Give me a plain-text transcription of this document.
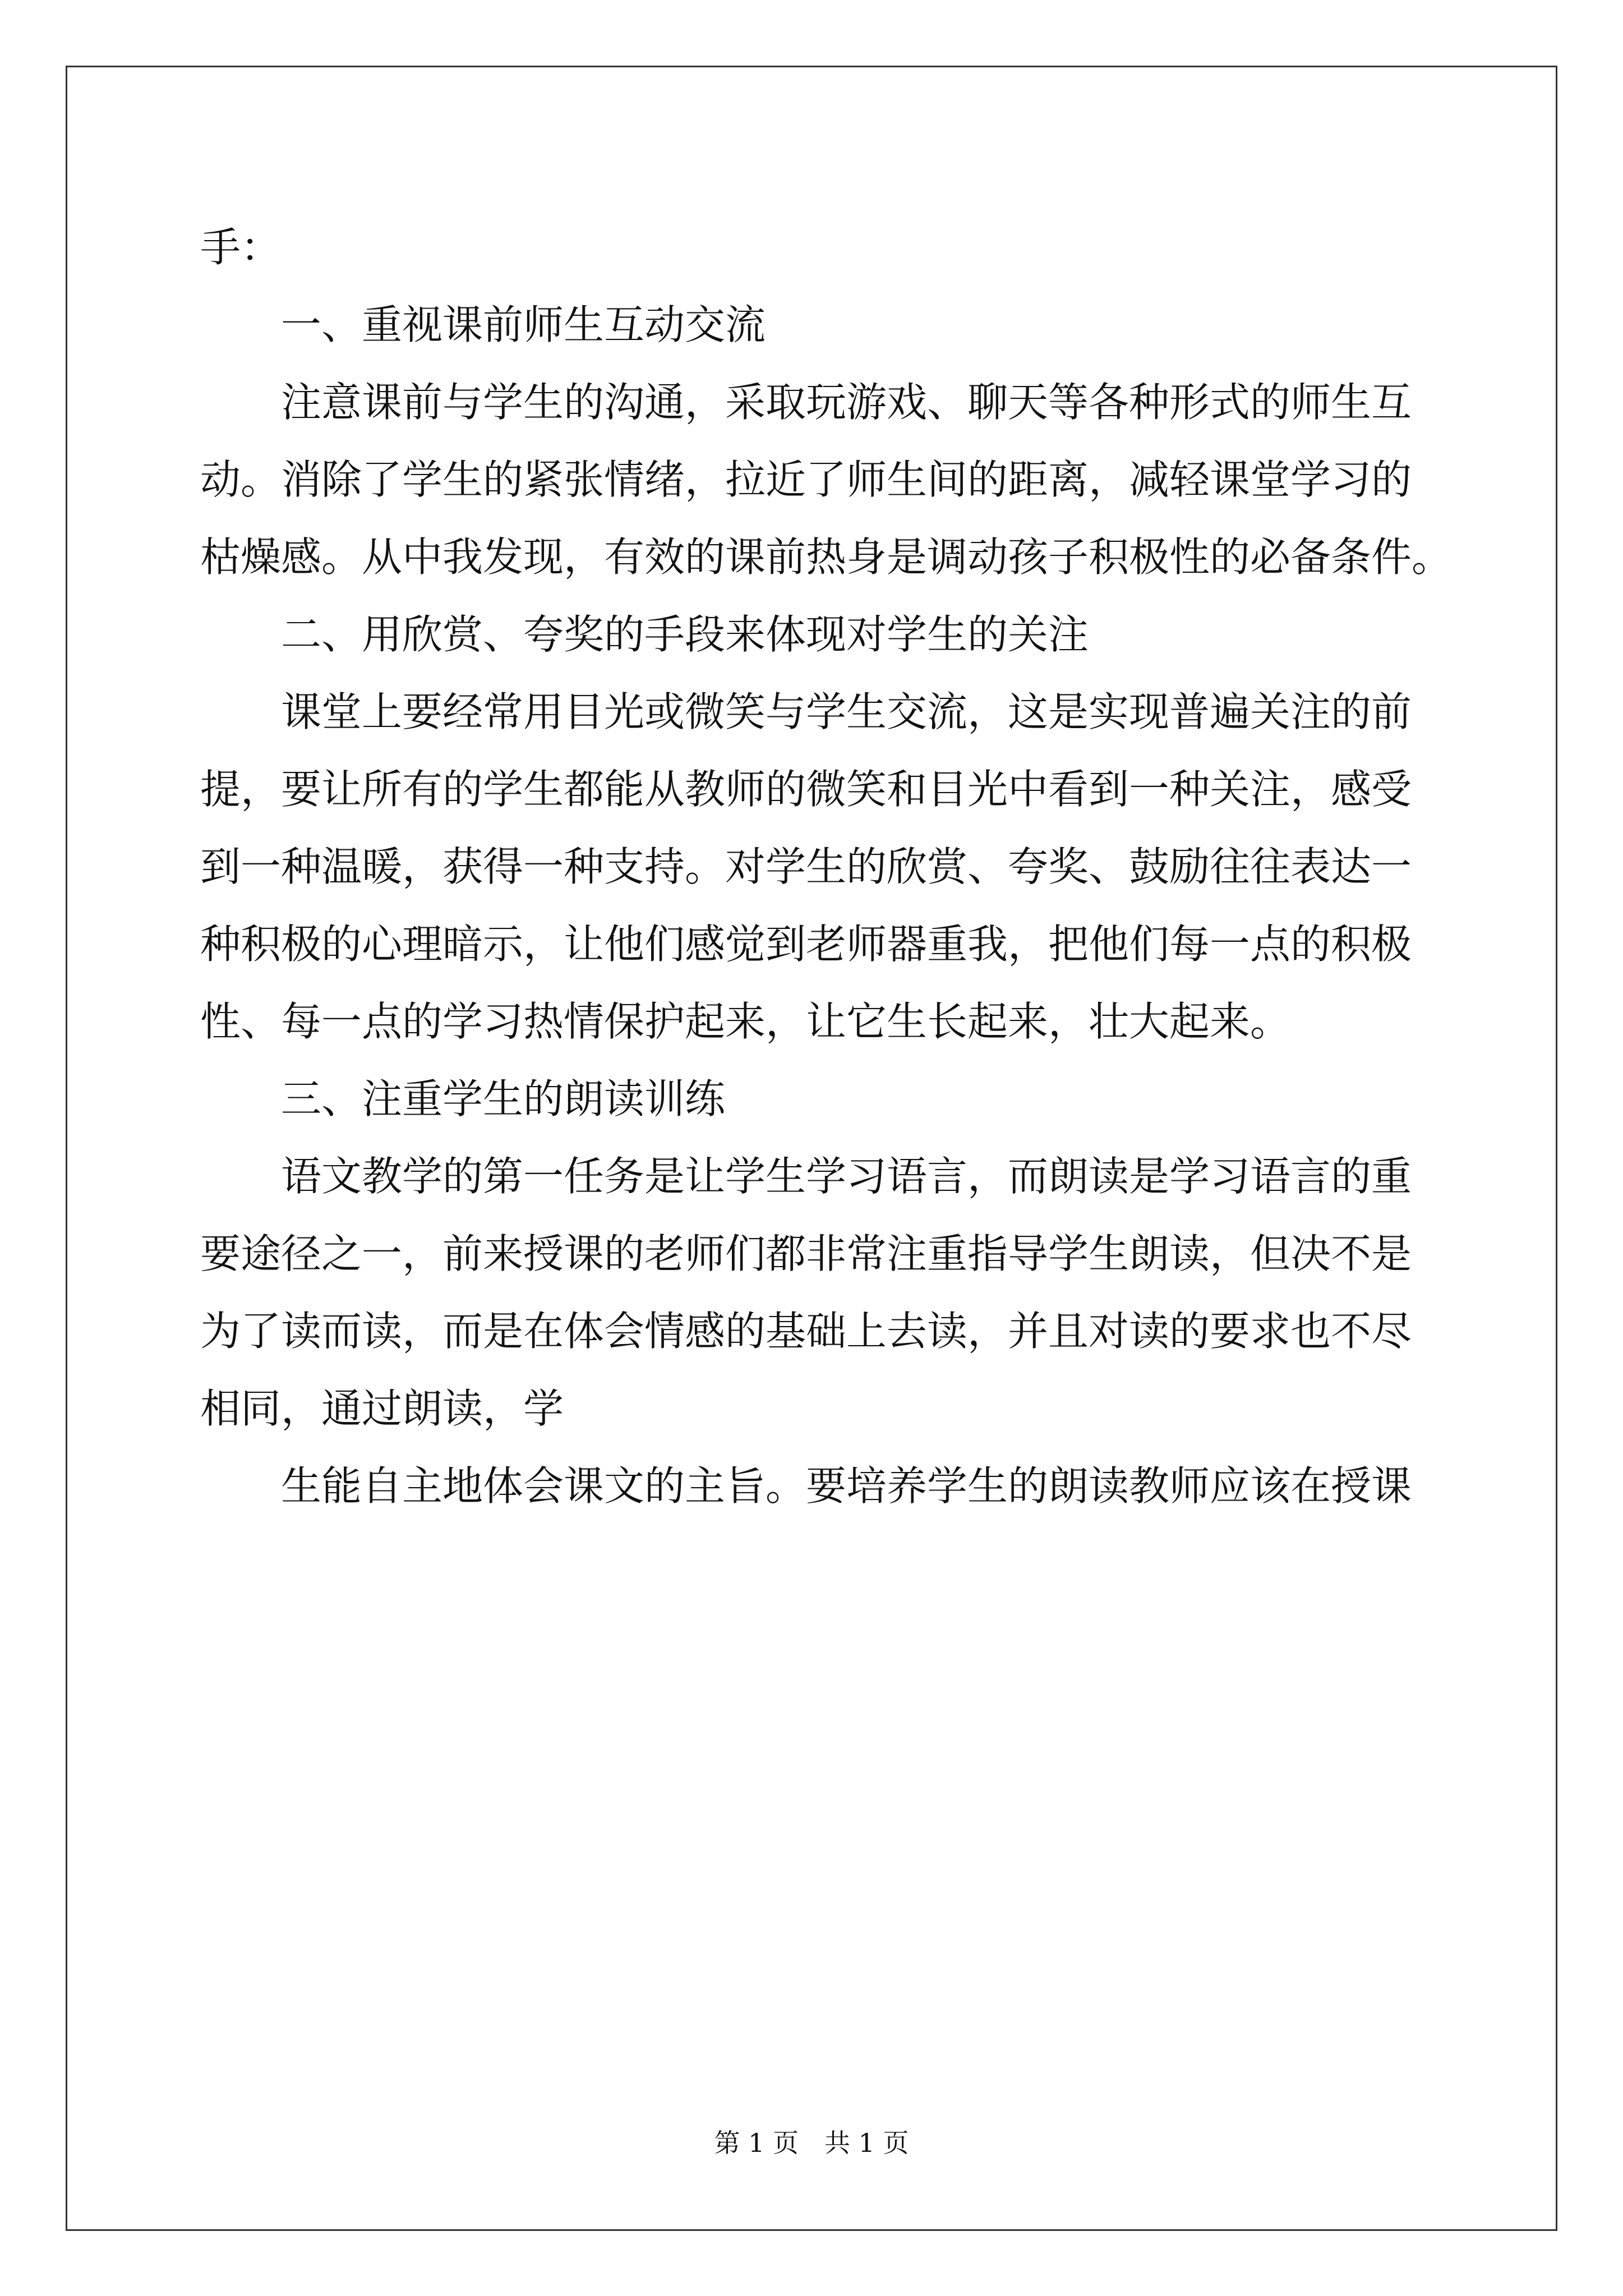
手：
一、重视课前师生互动交流
注意课前与学生的沟通，采取玩游戏、聊天等各种形式的师生互
动。消除了学生的紧张情绪，拉近了师生间的距离，减轻课堂学习的
枯燥感。从中我发现，有效的课前热身是调动孩子积极性的必备条件。
二、用欣赏、夸奖的手段来体现对学生的关注
课堂上要经常用目光或微笑与学生交流，这是实现普遍关注的前
提，要让所有的学生都能从教师的微笑和目光中看到一种关注，感受
到一种温暖，获得一种支持。对学生的欣赏、夸奖、鼓励往往表达一
种积极的心理暗示，让他们感觉到老师器重我，把他们每一点的积极
性、每一点的学习热情保护起来，让它生长起来，壮大起来。
三、注重学生的朗读训练
语文教学的第一任务是让学生学习语言，而朗读是学习语言的重
要途径之一，前来授课的老师们都非常注重指导学生朗读，但决不是
为了读而读，而是在体会情感的基础上去读，并且对读的要求也不尽
相同，通过朗读，学
生能自主地体会课文的主旨。要培养学生的朗读教师应该在授课
第 1 页　共 1 页
